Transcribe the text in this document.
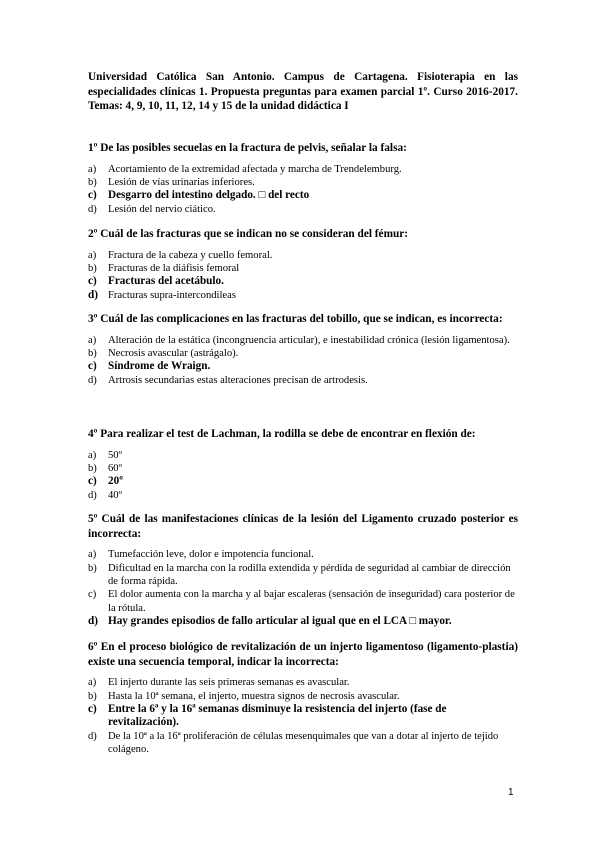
Universidad Católica San Antonio. Campus de Cartagena. Fisioterapia en las especialidades clínicas 1. Propuesta preguntas para examen parcial 1º. Curso 2016-2017. Temas: 4, 9, 10, 11, 12, 14 y 15 de la unidad didáctica I

1º De las posibles secuelas en la fractura de pelvis, señalar la falsa:

a) Acortamiento de la extremidad afectada y marcha de Trendelemburg.
b) Lesión de vías urinarias inferiores.
c) Desgarro del intestino delgado. □ del recto
d) Lesión del nervio ciático.

2º Cuál de las fracturas que se indican no se consideran del fémur:

a) Fractura de la cabeza y cuello femoral.
b) Fracturas de la diáfisis femoral
c) Fracturas del acetábulo.
d) Fracturas supra-intercondileas

3º Cuál de las complicaciones en las fracturas del tobillo, que se indican, es incorrecta:

a) Alteración de la estática (incongruencia articular), e inestabilidad crónica (lesión ligamentosa).
b) Necrosis avascular (astrágalo).
c) Síndrome de Wraign.
d) Artrosis secundarias estas alteraciones precisan de artrodesis.

4º Para realizar el test de Lachman, la rodilla se debe de encontrar en flexión de:

a) 50º
b) 60º
c) 20º
d) 40º

5º Cuál de las manifestaciones clínicas de la lesión del Ligamento cruzado posterior es incorrecta:

a) Tumefacción leve, dolor e impotencia funcional.
b) Dificultad en la marcha con la rodilla extendida y pérdida de seguridad al cambiar de dirección de forma rápida.
c) El dolor aumenta con la marcha y al bajar escaleras (sensación de inseguridad) cara posterior de la rótula.
d) Hay grandes episodios de fallo articular al igual que en el LCA □ mayor.

6º En el proceso biológico de revitalización de un injerto ligamentoso (ligamento-plastia) existe una secuencia temporal, indicar la incorrecta:

a) El injerto durante las seis primeras semanas es avascular.
b) Hasta la 10ª semana, el injerto, muestra signos de necrosis avascular.
c) Entre la 6ª y la 16ª semanas disminuye la resistencia del injerto (fase de revitalización).
d) De la 10ª a la 16ª proliferación de células mesenquimales que van a dotar al injerto de tejido colágeno.
1
